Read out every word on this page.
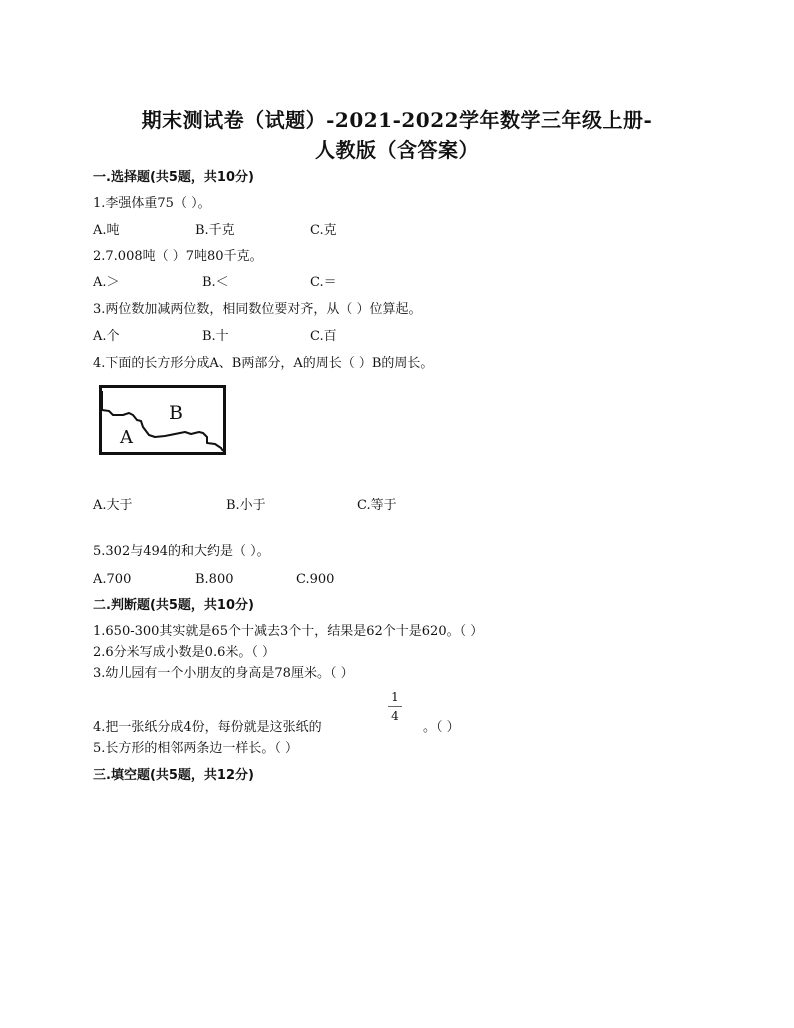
期末测试卷（试题）-2021-2022学年数学三年级上册-
人教版（含答案）
一.选择题(共5题，共10分)
1.李强体重75（ ）。
A.吨	B.千克	C.克
2.7.008吨（ ）7吨80千克。
A.＞	B.＜	C.＝
3.两位数加减两位数，相同数位要对齐，从（ ）位算起。
A.个	B.十	C.百
4.下面的长方形分成A、B两部分，A的周长（ ）B的周长。
A
B
A.大于	B.小于	C.等于
5.302与494的和大约是（ ）。
A.700	B.800	C.900
二.判断题(共5题，共10分)
1.650-300其实就是65个十减去3个十，结果是62个十是620。（ ）
2.6分米写成小数是0.6米。（ ）
3.幼儿园有一个小朋友的身高是78厘米。（ ）
1
4
4.把一张纸分成4份，每份就是这张纸的	。（ ）
5.长方形的相邻两条边一样长。（ ）
三.填空题(共5题，共12分)
